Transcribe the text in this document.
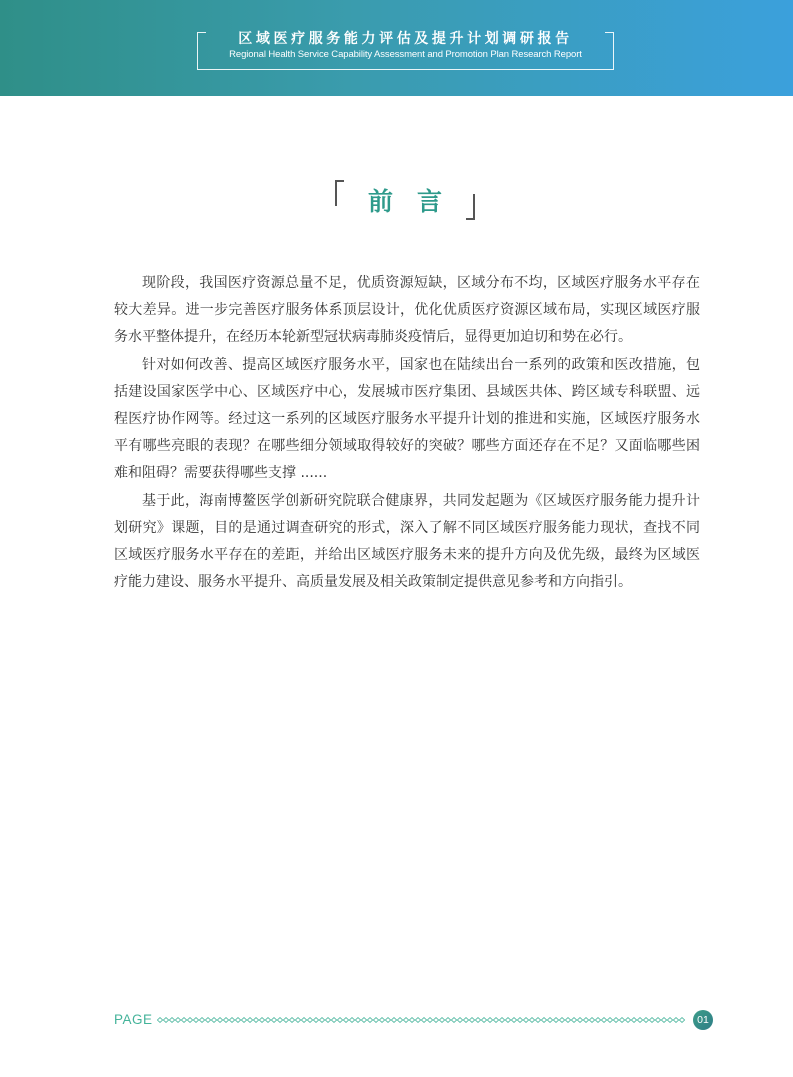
区域医疗服务能力评估及提升计划调研报告
Regional Health Service Capability Assessment and Promotion Plan Research Report
前言

现阶段，我国医疗资源总量不足，优质资源短缺，区域分布不均，区域医疗服务水平存在较大差异。进一步完善医疗服务体系顶层设计，优化优质医疗资源区域布局，实现区域医疗服务水平整体提升，在经历本轮新型冠状病毒肺炎疫情后，显得更加迫切和势在必行。

针对如何改善、提高区域医疗服务水平，国家也在陆续出台一系列的政策和医改措施，包括建设国家医学中心、区域医疗中心，发展城市医疗集团、县域医共体、跨区域专科联盟、远程医疗协作网等。经过这一系列的区域医疗服务水平提升计划的推进和实施，区域医疗服务水平有哪些亮眼的表现？在哪些细分领域取得较好的突破？哪些方面还存在不足？又面临哪些困难和阻碍？需要获得哪些支撑 ......

基于此，海南博鳌医学创新研究院联合健康界，共同发起题为《区域医疗服务能力提升计划研究》课题，目的是通过调查研究的形式，深入了解不同区域医疗服务能力现状，查找不同区域医疗服务水平存在的差距，并给出区域医疗服务未来的提升方向及优先级，最终为区域医疗能力建设、服务水平提升、高质量发展及相关政策制定提供意见参考和方向指引。

PAGE	01
